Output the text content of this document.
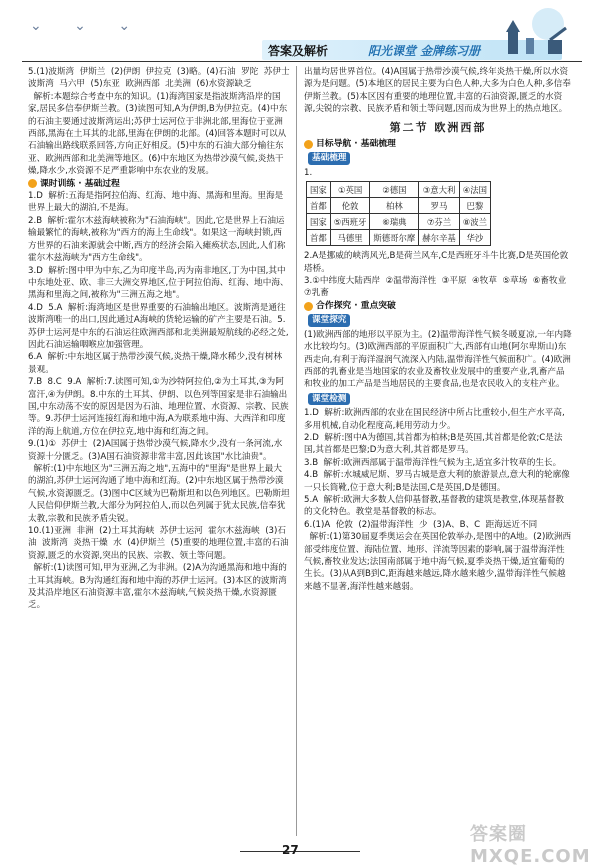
⌄ ⌄ ⌄
答案及解析	阳光课堂 金牌练习册

5.(1)波斯湾  伊斯兰  (2)伊朗  伊拉克  (3)略。(4)石油  罗陀  苏伊士  波斯湾  马六甲  (5)东亚  欧洲西部  北美洲  (6)水资源缺乏

解析:本题综合考查中东的知识。(1)海湾国家是指波斯湾沿岸的国家,居民多信奉伊斯兰教。(3)读图可知,A为伊朗,B为伊拉克。(4)中东的石油主要通过波斯湾运出;苏伊士运河位于非洲北部,里海位于亚洲西部,黑海在土耳其的北部,里海在伊朗的北部。(4)回答本题时可以从石油输出路线联系回答,方向正好相反。(5)中东的石油大部分输往东亚、欧洲西部和北美洲等地区。(6)中东地区为热带沙漠气候,炎热干燥,降水少,水资源不足严重影响中东农业的发展。

课时训练 · 基础过程

1.D  解析:五海是指阿拉伯海、红海、地中海、黑海和里海。里海是世界上最大的湖泊,不是海。

2.B  解析:霍尔木兹海峡被称为"石油海峡"。因此,它是世界上石油运输最繁忙的海峡,被称为"西方的海上生命线"。如果这一海峡封锁,西方世界的石油来源就会中断,西方的经济会陷入瘫痪状态,因此,人们称霍尔木兹海峡为"西方生命线"。

3.D  解析:图中甲为中东,乙为印度半岛,丙为南非地区,丁为中国,其中中东地处亚、欧、非三大洲交界地区,位于阿拉伯海、红海、地中海、黑海和里海之间,被称为"三洲五海之地"。

4.D  5.A  解析:海湾地区是世界重要的石油输出地区。波斯湾是通往波斯湾唯一的出口,因此通过A海峡的货轮运输的矿产主要是石油。5.苏伊士运河是中东的石油运往欧洲西部和北美洲最短航线的必经之处,因此石油运输咽喉应加强管理。

6.A  解析:中东地区属于热带沙漠气候,炎热干燥,降水稀少,没有树林景观。

7.B  8.C  9.A  解析:7.读图可知,①为沙特阿拉伯,②为土耳其,③为阿富汗,④为伊朗。8.中东的土耳其、伊朗、以色列等国家是非石油输出国,中东动荡不安的原因是因为石油、地理位置、水资源、宗教、民族等。9.苏伊士运河连接红海和地中海,A为联系地中海、大西洋和印度洋的海上航道,方位在伊拉克,地中海和红海之间。

9.(1)①  苏伊士  (2)A国属于热带沙漠气候,降水少,没有一条河流,水资源十分匮乏。(3)A国石油资源非常丰富,因此该国"水比油贵"。

解析:(1)中东地区为"三洲五海之地",五海中的"里海"是世界上最大的湖泊,苏伊士运河沟通了地中海和红海。(2)中东地区属于热带沙漠气候,水资源匮乏。(3)图中C区域为巴勒斯坦和以色列地区。巴勒斯坦人民信仰伊斯兰教,大部分为阿拉伯人,而以色列属于犹太民族,信奉犹太教,宗教和民族矛盾尖锐。

10.(1)亚洲  非洲  (2)土耳其海峡  苏伊士运河  霍尔木兹海峡  (3)石油  波斯湾  炎热干燥  水  (4)伊斯兰  (5)重要的地理位置,丰富的石油资源,匮乏的水资源,突出的民族、宗教、领土等问题。

解析:(1)读图可知,甲为亚洲,乙为非洲。(2)A为沟通黑海和地中海的土耳其海峡。B为沟通红海和地中海的苏伊士运河。(3)本区的波斯湾及其沿岸地区石油资源丰富,霍尔木兹海峡,气候炎热干燥,水资源匮乏。

出量均居世界首位。(4)A国属于热带沙漠气候,终年炎热干燥,所以水资源为是问题。(5)本地区的居民主要为白色人种,大多为白色人种,多信奉伊斯兰教。(5)本区因有重要的地理位置,丰富的石油资源,匮乏的水资源,尖锐的宗教、民族矛盾和领土等问题,因而成为世界上的热点地区。

第二节 欧洲西部
目标导航 · 基础梳理
基础梳理

1.

国家	①英国	②德国	③意大利	④法国
首都	伦敦	柏林	罗马	巴黎
国家	⑤西班牙	⑥瑞典	⑦芬兰	⑧波兰
首都	马德里	斯德哥尔摩	赫尔辛基	华沙

2.A是挪威的峡湾风光,B是荷兰风车,C是西班牙斗牛比赛,D是英国伦敦塔桥。

3.①中纬度大陆西岸  ②温带海洋性  ③平原  ④牧草  ⑤草场  ⑥畜牧业  ⑦乳畜

合作探究 · 重点突破
课堂探究

(1)欧洲西部的地形以平原为主。(2)温带海洋性气候冬暖夏凉,一年内降水比较均匀。(3)欧洲西部的平原面积广大,西部有山地(阿尔卑斯山)东西走向,有利于海洋湿润气流深入内陆,温带海洋性气候面积广。(4)欧洲西部的乳畜业是当地国家的农业及畜牧业发展中的重要产业,乳畜产品和牧业的加工产品是当地居民的主要食品,也是农民收入的支柱产业。

课堂检测

1.D  解析:欧洲西部的农业在国民经济中所占比重较小,但生产水平高,多用机械,自动化程度高,耗用劳动力少。

2.D  解析:图中A为德国,其首都为柏林;B是英国,其首都是伦敦;C是法国,其首都是巴黎;D为意大利,其首都是罗马。

3.B  解析:欧洲西部属于温带海洋性气候为主,适宜多汁牧草的生长。

4.B  解析:水城威尼斯、罗马古城是意大利的旅游景点,意大利的轮廓像一只长筒靴,位于意大利;B是法国,C是英国,D是德国。

5.A  解析:欧洲大多数人信仰基督教,基督教的建筑是教堂,体现基督教的文化特色。教堂是基督教的标志。

6.(1)A  伦敦  (2)温带海洋性  少  (3)A、B、C  距海远近不同

解析:(1)第30届夏季奥运会在英国伦敦举办,是图中的A地。(2)欧洲西部受纬度位置、海陆位置、地形、洋流等因素的影响,属于温带海洋性气候,畜牧业发达;法国南部属于地中海气候,夏季炎热干燥,适宜葡萄的生长。(3)从A到B到C,距海越来越远,降水越来越少,温带海洋性气候越来越不显著,海洋性越来越弱。

27
答案圈 MXQE.COM
